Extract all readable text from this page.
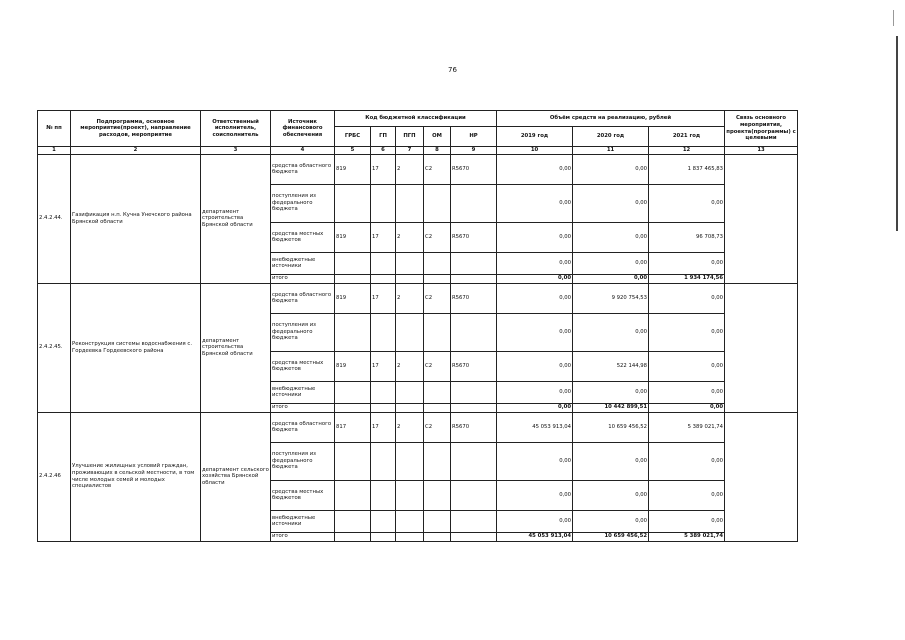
76
№ пп	Подпрограмма, основное мероприятие(проект), направление расходов, мероприятие	Ответственный исполнитель, соисполнитель	Источник финансового обеспечения	Код бюджетной классификации					Объём средств на реализацию, рублей			Связь основного мероприятия, проекта(программы) с целевыми
				ГРБС	ГП	ПГП	ОМ	НР	2019 год	2020 год	2021 год	
1	2	3	4	5	6	7	8	9	10	11	12	13
2.4.2.44.	Газификация н.п. Кучна Унечского района Брянской области	департамент строительства Брянской области	средства областного бюджета	819	17	2	С2	R5670	0,00	0,00	1 837 465,83	
			поступления из федерального бюджета						0,00	0,00	0,00	
			средства местных бюджетов	819	17	2	С2	R5670	0,00	0,00	96 708,73	
			внебюджетные источники						0,00	0,00	0,00	
			итого						0,00	0,00	1 934 174,56	
2.4.2.45.	Реконструкция системы водоснабжения с. Гордеевка Гордеевского района	департамент строительства Брянской области	средства областного бюджета	819	17	2	С2	R5670	0,00	9 920 754,53	0,00	
			поступления из федерального бюджета						0,00	0,00	0,00	
			средства местных бюджетов	819	17	2	С2	R5670	0,00	522 144,98	0,00	
			внебюджетные источники						0,00	0,00	0,00	
			итого						0,00	10 442 899,51	0,00	
2.4.2.46	Улучшение жилищных условий граждан, проживающих в сельской местности, в том числе молодых семей и молодых специалистов	департамент сельского хозяйства Брянской области	средства областного бюджета	817	17	2	С2	R5670	45 053 913,04	10 659 456,52	5 389 021,74	
			поступления из федерального бюджета						0,00	0,00	0,00	
			средства местных бюджетов						0,00	0,00	0,00	
			внебюджетные источники						0,00	0,00	0,00	
			итого						45 053 913,04	10 659 456,52	5 389 021,74	
